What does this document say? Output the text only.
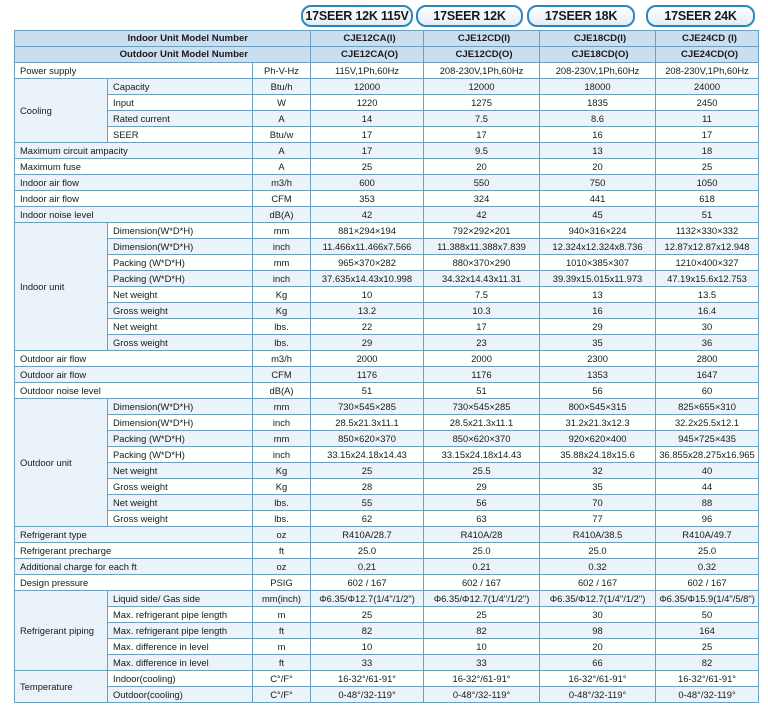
17SEER 12K 115V	17SEER 12K	17SEER 18K	17SEER 24K
Indoor Unit Model Number			CJE12CA(I)	CJE12CD(I)	CJE18CD(I)	CJE24CD (I)
Outdoor Unit Model Number			CJE12CA(O)	CJE12CD(O)	CJE18CD(O)	CJE24CD(O)
Power supply		Ph-V-Hz	115V,1Ph,60Hz	208-230V,1Ph,60Hz	208-230V,1Ph,60Hz	208-230V,1Ph,60Hz
Cooling	Capacity	Btu/h	12000	12000	18000	24000
	Input	W	1220	1275	1835	2450
	Rated current	A	14	7.5	8.6	11
	SEER	Btu/w	17	17	16	17
Maximum circuit ampacity		A	17	9.5	13	18
Maximum fuse		A	25	20	20	25
Indoor air flow		m3/h	600	550	750	1050
Indoor air flow		CFM	353	324	441	618
Indoor noise level		dB(A)	42	42	45	51
Indoor unit	Dimension(W*D*H)	mm	881×294×194	792×292×201	940×316×224	1132×330×332
	Dimension(W*D*H)	inch	11.466x11.466x7.566	11.388x11.388x7.839	12.324x12.324x8.736	12.87x12.87x12.948
	Packing (W*D*H)	mm	965×370×282	880×370×290	1010×385×307	1210×400×327
	Packing (W*D*H)	inch	37.635x14.43x10.998	34.32x14.43x11.31	39.39x15.015x11.973	47.19x15.6x12.753
	Net weight	Kg	10	7.5	13	13.5
	Gross weight	Kg	13.2	10.3	16	16.4
	Net weight	lbs.	22	17	29	30
	Gross weight	lbs.	29	23	35	36
Outdoor air flow		m3/h	2000	2000	2300	2800
Outdoor air flow		CFM	1176	1176	1353	1647
Outdoor noise level		dB(A)	51	51	56	60
Outdoor unit	Dimension(W*D*H)	mm	730×545×285	730×545×285	800×545×315	825×655×310
	Dimension(W*D*H)	inch	28.5x21.3x11.1	28.5x21.3x11.1	31.2x21.3x12.3	32.2x25.5x12.1
	Packing (W*D*H)	mm	850×620×370	850×620×370	920×620×400	945×725×435
	Packing (W*D*H)	inch	33.15x24.18x14.43	33.15x24.18x14.43	35.88x24.18x15.6	36.855x28.275x16.965
	Net weight	Kg	25	25.5	32	40
	Gross weight	Kg	28	29	35	44
	Net weight	lbs.	55	56	70	88
	Gross weight	lbs.	62	63	77	96
Refrigerant type		oz	R410A/28.7	R410A/28	R410A/38.5	R410A/49.7
Refrigerant precharge		ft	25.0	25.0	25.0	25.0
Additional charge for each ft		oz	0.21	0.21	0.32	0.32
Design pressure		PSIG	602 / 167	602 / 167	602 / 167	602 / 167
Refrigerant piping	Liquid side/ Gas side	mm(inch)	Φ6.35/Φ12.7(1/4"/1/2")	Φ6.35/Φ12.7(1/4"/1/2")	Φ6.35/Φ12.7(1/4"/1/2")	Φ6.35/Φ15.9(1/4"/5/8")
	Max. refrigerant pipe length	m	25	25	30	50
	Max. refrigerant pipe length	ft	82	82	98	164
	Max. difference in level	m	10	10	20	25
	Max. difference in level	ft	33	33	66	82
Temperature	Indoor(cooling)	C°/F°	16-32°/61-91°	16-32°/61-91°	16-32°/61-91°	16-32°/61-91°
	Outdoor(cooling)	C°/F°	0-48°/32-119°	0-48°/32-119°	0-48°/32-119°	0-48°/32-119°
